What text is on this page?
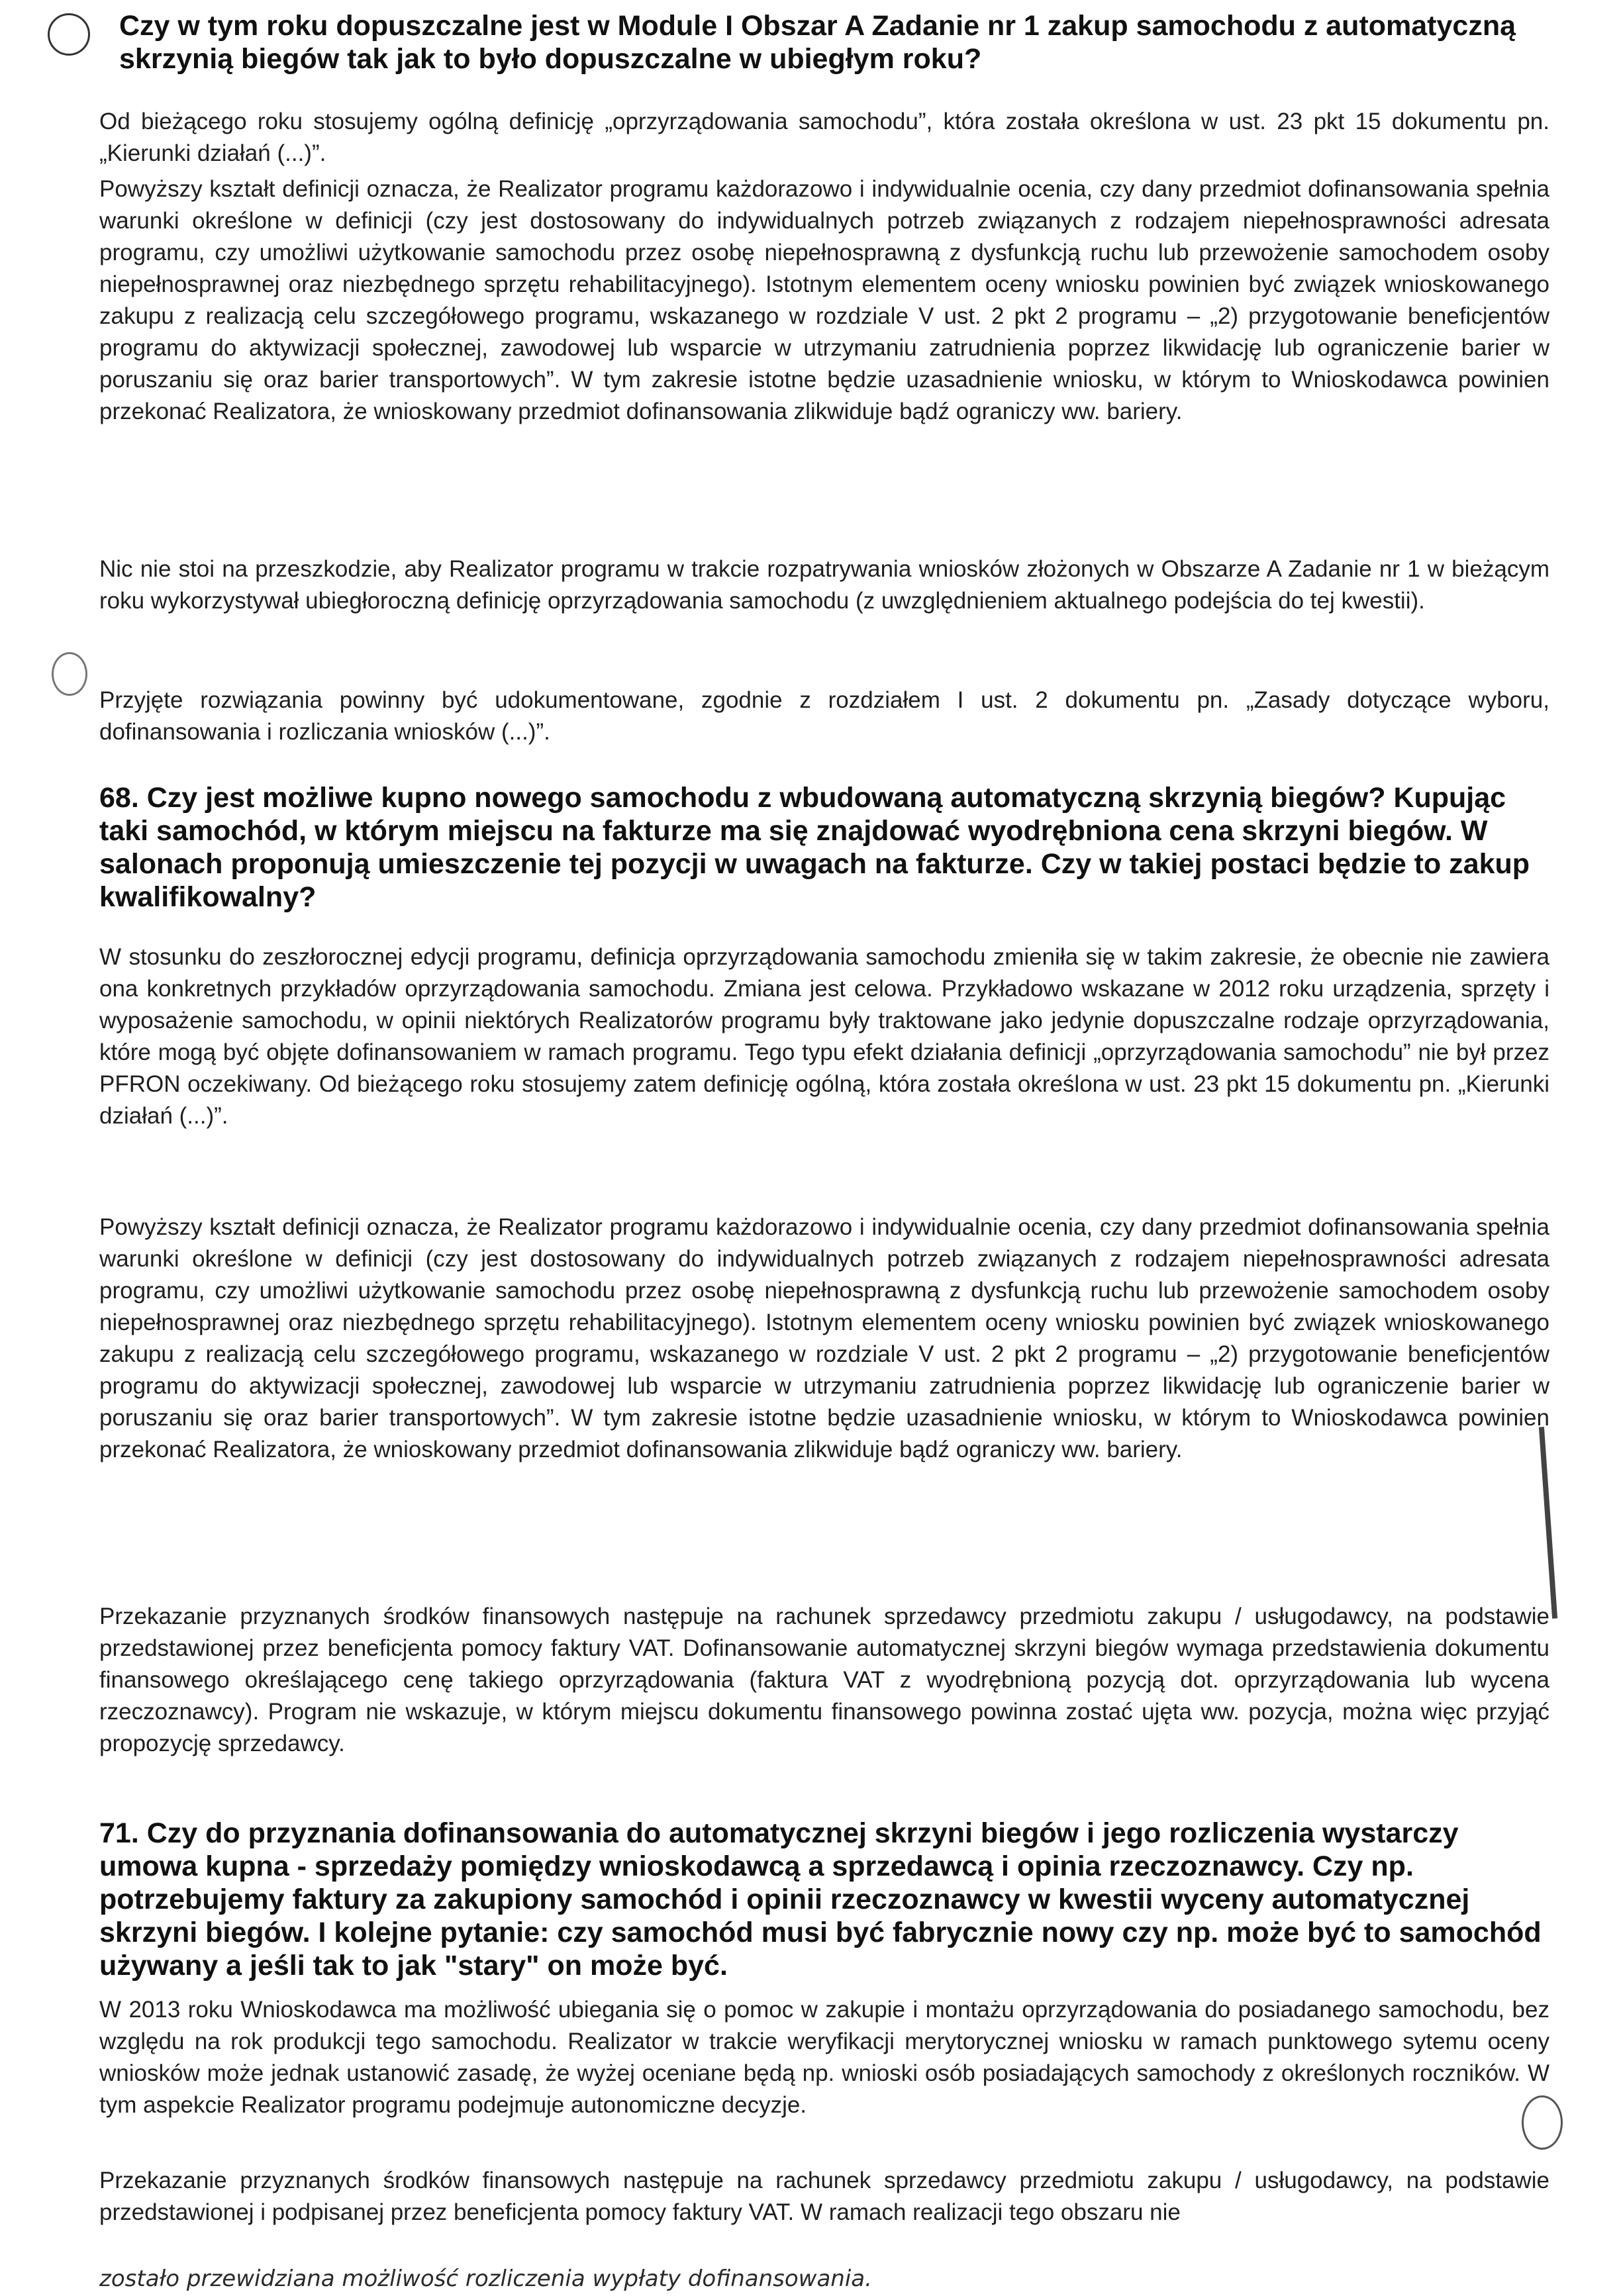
Czy w tym roku dopuszczalne jest w Module I Obszar A Zadanie nr 1 zakup samochodu z automatyczną skrzynią biegów tak jak to było dopuszczalne w ubiegłym roku?
Od bieżącego roku stosujemy ogólną definicję „oprzyrządowania samochodu”, która została określona w ust. 23 pkt 15 dokumentu pn. „Kierunki działań (...)”.
Powyższy kształt definicji oznacza, że Realizator programu każdorazowo i indywidualnie ocenia, czy dany przedmiot dofinansowania spełnia warunki określone w definicji (czy jest dostosowany do indywidualnych potrzeb związanych z rodzajem niepełnosprawności adresata programu, czy umożliwi użytkowanie samochodu przez osobę niepełnosprawną z dysfunkcją ruchu lub przewożenie samochodem osoby niepełnosprawnej oraz niezbędnego sprzętu rehabilitacyjnego). Istotnym elementem oceny wniosku powinien być związek wnioskowanego zakupu z realizacją celu szczegółowego programu, wskazanego w rozdziale V ust. 2 pkt 2 programu – „2) przygotowanie beneficjentów programu do aktywizacji społecznej, zawodowej lub wsparcie w utrzymaniu zatrudnienia poprzez likwidację lub ograniczenie barier w poruszaniu się oraz barier transportowych”. W tym zakresie istotne będzie uzasadnienie wniosku, w którym to Wnioskodawca powinien przekonać Realizatora, że wnioskowany przedmiot dofinansowania zlikwiduje bądź ograniczy ww. bariery.
Nic nie stoi na przeszkodzie, aby Realizator programu w trakcie rozpatrywania wniosków złożonych w Obszarze A Zadanie nr 1 w bieżącym roku wykorzystywał ubiegłoroczną definicję oprzyrządowania samochodu (z uwzględnieniem aktualnego podejścia do tej kwestii).
Przyjęte rozwiązania powinny być udokumentowane, zgodnie z rozdziałem I ust. 2 dokumentu pn. „Zasady dotyczące wyboru, dofinansowania i rozliczania wniosków (...)”.
68. Czy jest możliwe kupno nowego samochodu z wbudowaną automatyczną skrzynią biegów? Kupując taki samochód, w którym miejscu na fakturze ma się znajdować wyodrębniona cena skrzyni biegów. W salonach proponują umieszczenie tej pozycji w uwagach na fakturze. Czy w takiej postaci będzie to zakup kwalifikowalny?
W stosunku do zeszłorocznej edycji programu, definicja oprzyrządowania samochodu zmieniła się w takim zakresie, że obecnie nie zawiera ona konkretnych przykładów oprzyrządowania samochodu. Zmiana jest celowa. Przykładowo wskazane w 2012 roku urządzenia, sprzęty i wyposażenie samochodu, w opinii niektórych Realizatorów programu były traktowane jako jedynie dopuszczalne rodzaje oprzyrządowania, które mogą być objęte dofinansowaniem w ramach programu. Tego typu efekt działania definicji „oprzyrządowania samochodu” nie był przez PFRON oczekiwany. Od bieżącego roku stosujemy zatem definicję ogólną, która została określona w ust. 23 pkt 15 dokumentu pn. „Kierunki działań (...)”.
Powyższy kształt definicji oznacza, że Realizator programu każdorazowo i indywidualnie ocenia, czy dany przedmiot dofinansowania spełnia warunki określone w definicji (czy jest dostosowany do indywidualnych potrzeb związanych z rodzajem niepełnosprawności adresata programu, czy umożliwi użytkowanie samochodu przez osobę niepełnosprawną z dysfunkcją ruchu lub przewożenie samochodem osoby niepełnosprawnej oraz niezbędnego sprzętu rehabilitacyjnego). Istotnym elementem oceny wniosku powinien być związek wnioskowanego zakupu z realizacją celu szczegółowego programu, wskazanego w rozdziale V ust. 2 pkt 2 programu – „2) przygotowanie beneficjentów programu do aktywizacji społecznej, zawodowej lub wsparcie w utrzymaniu zatrudnienia poprzez likwidację lub ograniczenie barier w poruszaniu się oraz barier transportowych”. W tym zakresie istotne będzie uzasadnienie wniosku, w którym to Wnioskodawca powinien przekonać Realizatora, że wnioskowany przedmiot dofinansowania zlikwiduje bądź ograniczy ww. bariery.
Przekazanie przyznanych środków finansowych następuje na rachunek sprzedawcy przedmiotu zakupu / usługodawcy, na podstawie przedstawionej przez beneficjenta pomocy faktury VAT. Dofinansowanie automatycznej skrzyni biegów wymaga przedstawienia dokumentu finansowego określającego cenę takiego oprzyrządowania (faktura VAT z wyodrębnioną pozycją dot. oprzyrządowania lub wycena rzeczoznawcy). Program nie wskazuje, w którym miejscu dokumentu finansowego powinna zostać ujęta ww. pozycja, można więc przyjąć propozycję sprzedawcy.
71. Czy do przyznania dofinansowania do automatycznej skrzyni biegów i jego rozliczenia wystarczy umowa kupna - sprzedaży pomiędzy wnioskodawcą a sprzedawcą i opinia rzeczoznawcy. Czy np. potrzebujemy faktury za zakupiony samochód i opinii rzeczoznawcy w kwestii wyceny automatycznej skrzyni biegów. I kolejne pytanie: czy samochód musi być fabrycznie nowy czy np. może być to samochód używany a jeśli tak to jak "stary" on może być.
W 2013 roku Wnioskodawca ma możliwość ubiegania się o pomoc w zakupie i montażu oprzyrządowania do posiadanego samochodu, bez względu na rok produkcji tego samochodu. Realizator w trakcie weryfikacji merytorycznej wniosku w ramach punktowego sytemu oceny wniosków może jednak ustanowić zasadę, że wyżej oceniane będą np. wnioski osób posiadających samochody z określonych roczników. W tym aspekcie Realizator programu podejmuje autonomiczne decyzje.
Przekazanie przyznanych środków finansowych następuje na rachunek sprzedawcy przedmiotu zakupu / usługodawcy, na podstawie przedstawionej i podpisanej przez beneficjenta pomocy faktury VAT. W ramach realizacji tego obszaru nie
zostało przewidziana możliwość rozliczenia wypłaty dofinansowania.
